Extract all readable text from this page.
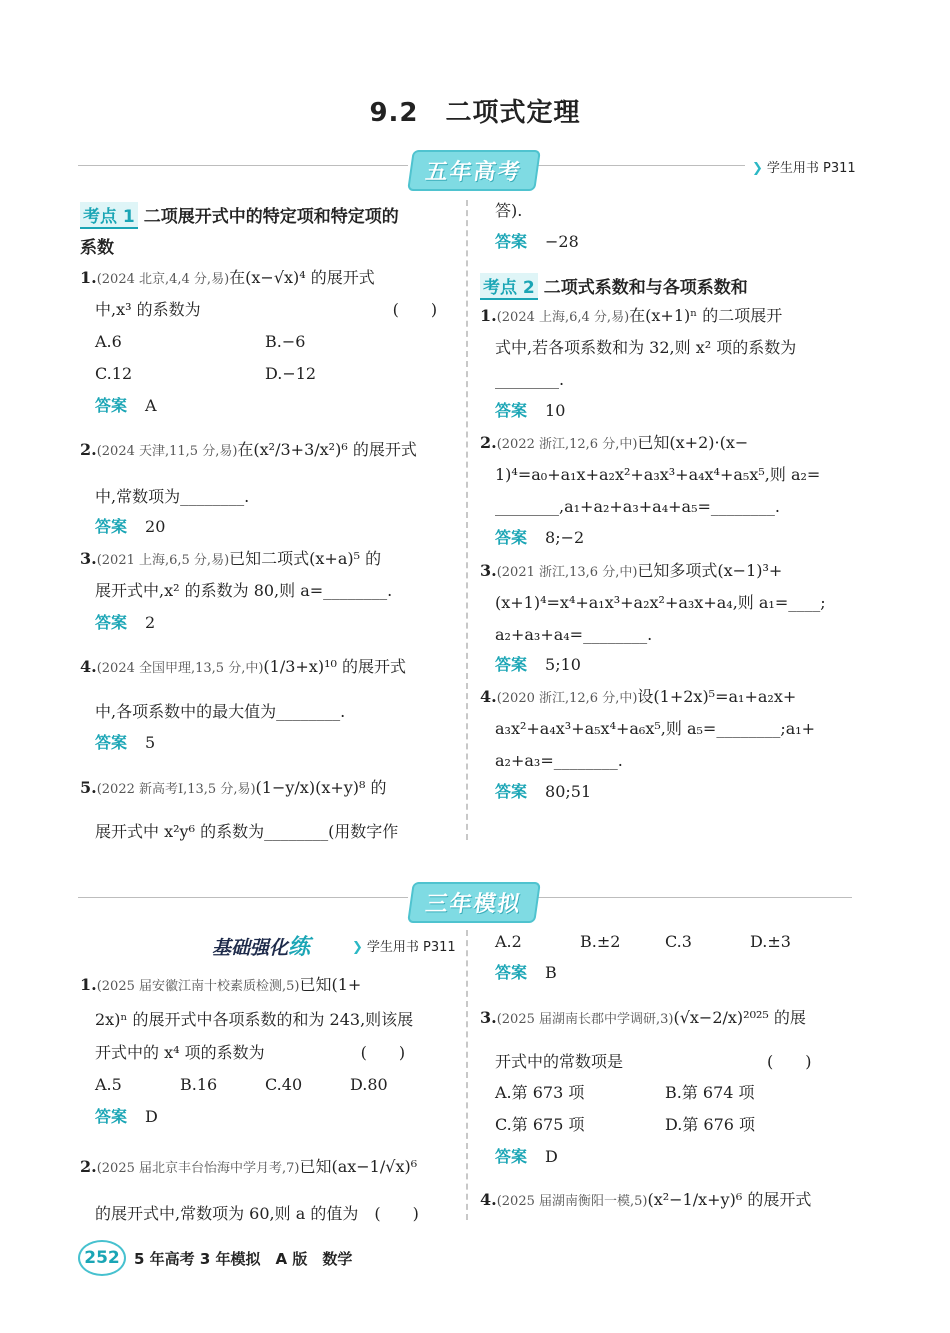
9.2　二项式定理
五年高考	❯ 学生用书 P311
考点 1 二项展开式中的特定项和特定项的
系数
1.(2024 北京,4,4 分,易)在(x−√x)⁴ 的展开式
中,x³ 的系数为　　　　　　　　　　　　(　　)
A.6	B.−6
C.12	D.−12
答案 A
2.(2024 天津,11,5 分,易)在(x²/3+3/x²)⁶ 的展开式
中,常数项为________.
答案 20
3.(2021 上海,6,5 分,易)已知二项式(x+a)⁵ 的
展开式中,x² 的系数为 80,则 a=________.
答案 2
4.(2024 全国甲理,13,5 分,中)(1/3+x)¹⁰ 的展开式
中,各项系数中的最大值为________.
答案 5
5.(2022 新高考Ⅰ,13,5 分,易)(1−y/x)(x+y)⁸ 的
展开式中 x²y⁶ 的系数为________(用数字作
答).
答案 −28
考点 2 二项式系数和与各项系数和
1.(2024 上海,6,4 分,易)在(x+1)ⁿ 的二项展开
式中,若各项系数和为 32,则 x² 项的系数为
________.
答案 10
2.(2022 浙江,12,6 分,中)已知(x+2)·(x−
1)⁴=a₀+a₁x+a₂x²+a₃x³+a₄x⁴+a₅x⁵,则 a₂=
________,a₁+a₂+a₃+a₄+a₅=________.
答案 8;−2
3.(2021 浙江,13,6 分,中)已知多项式(x−1)³+
(x+1)⁴=x⁴+a₁x³+a₂x²+a₃x+a₄,则 a₁=____;
a₂+a₃+a₄=________.
答案 5;10
4.(2020 浙江,12,6 分,中)设(1+2x)⁵=a₁+a₂x+
a₃x²+a₄x³+a₅x⁴+a₆x⁵,则 a₅=________;a₁+
a₂+a₃=________.
答案 80;51
三年模拟
基础强化练	❯ 学生用书 P311
1.(2025 届安徽江南十校素质检测,5)已知(1+
2x)ⁿ 的展开式中各项系数的和为 243,则该展
开式中的 x⁴ 项的系数为　　　　　　(　　)
A.5	B.16	C.40	D.80
答案 D
2.(2025 届北京丰台怡海中学月考,7)已知(ax−1/√x)⁶
的展开式中,常数项为 60,则 a 的值为　(　　)
A.2	B.±2	C.3	D.±3
答案 B
3.(2025 届湖南长郡中学调研,3)(√x−2/x)²⁰²⁵ 的展
开式中的常数项是　　　　　　　　　(　　)
A.第 673 项	B.第 674 项
C.第 675 项	D.第 676 项
答案 D
4.(2025 届湖南衡阳一模,5)(x²−1/x+y)⁶ 的展开式
252 5 年高考 3 年模拟　A 版　数学
